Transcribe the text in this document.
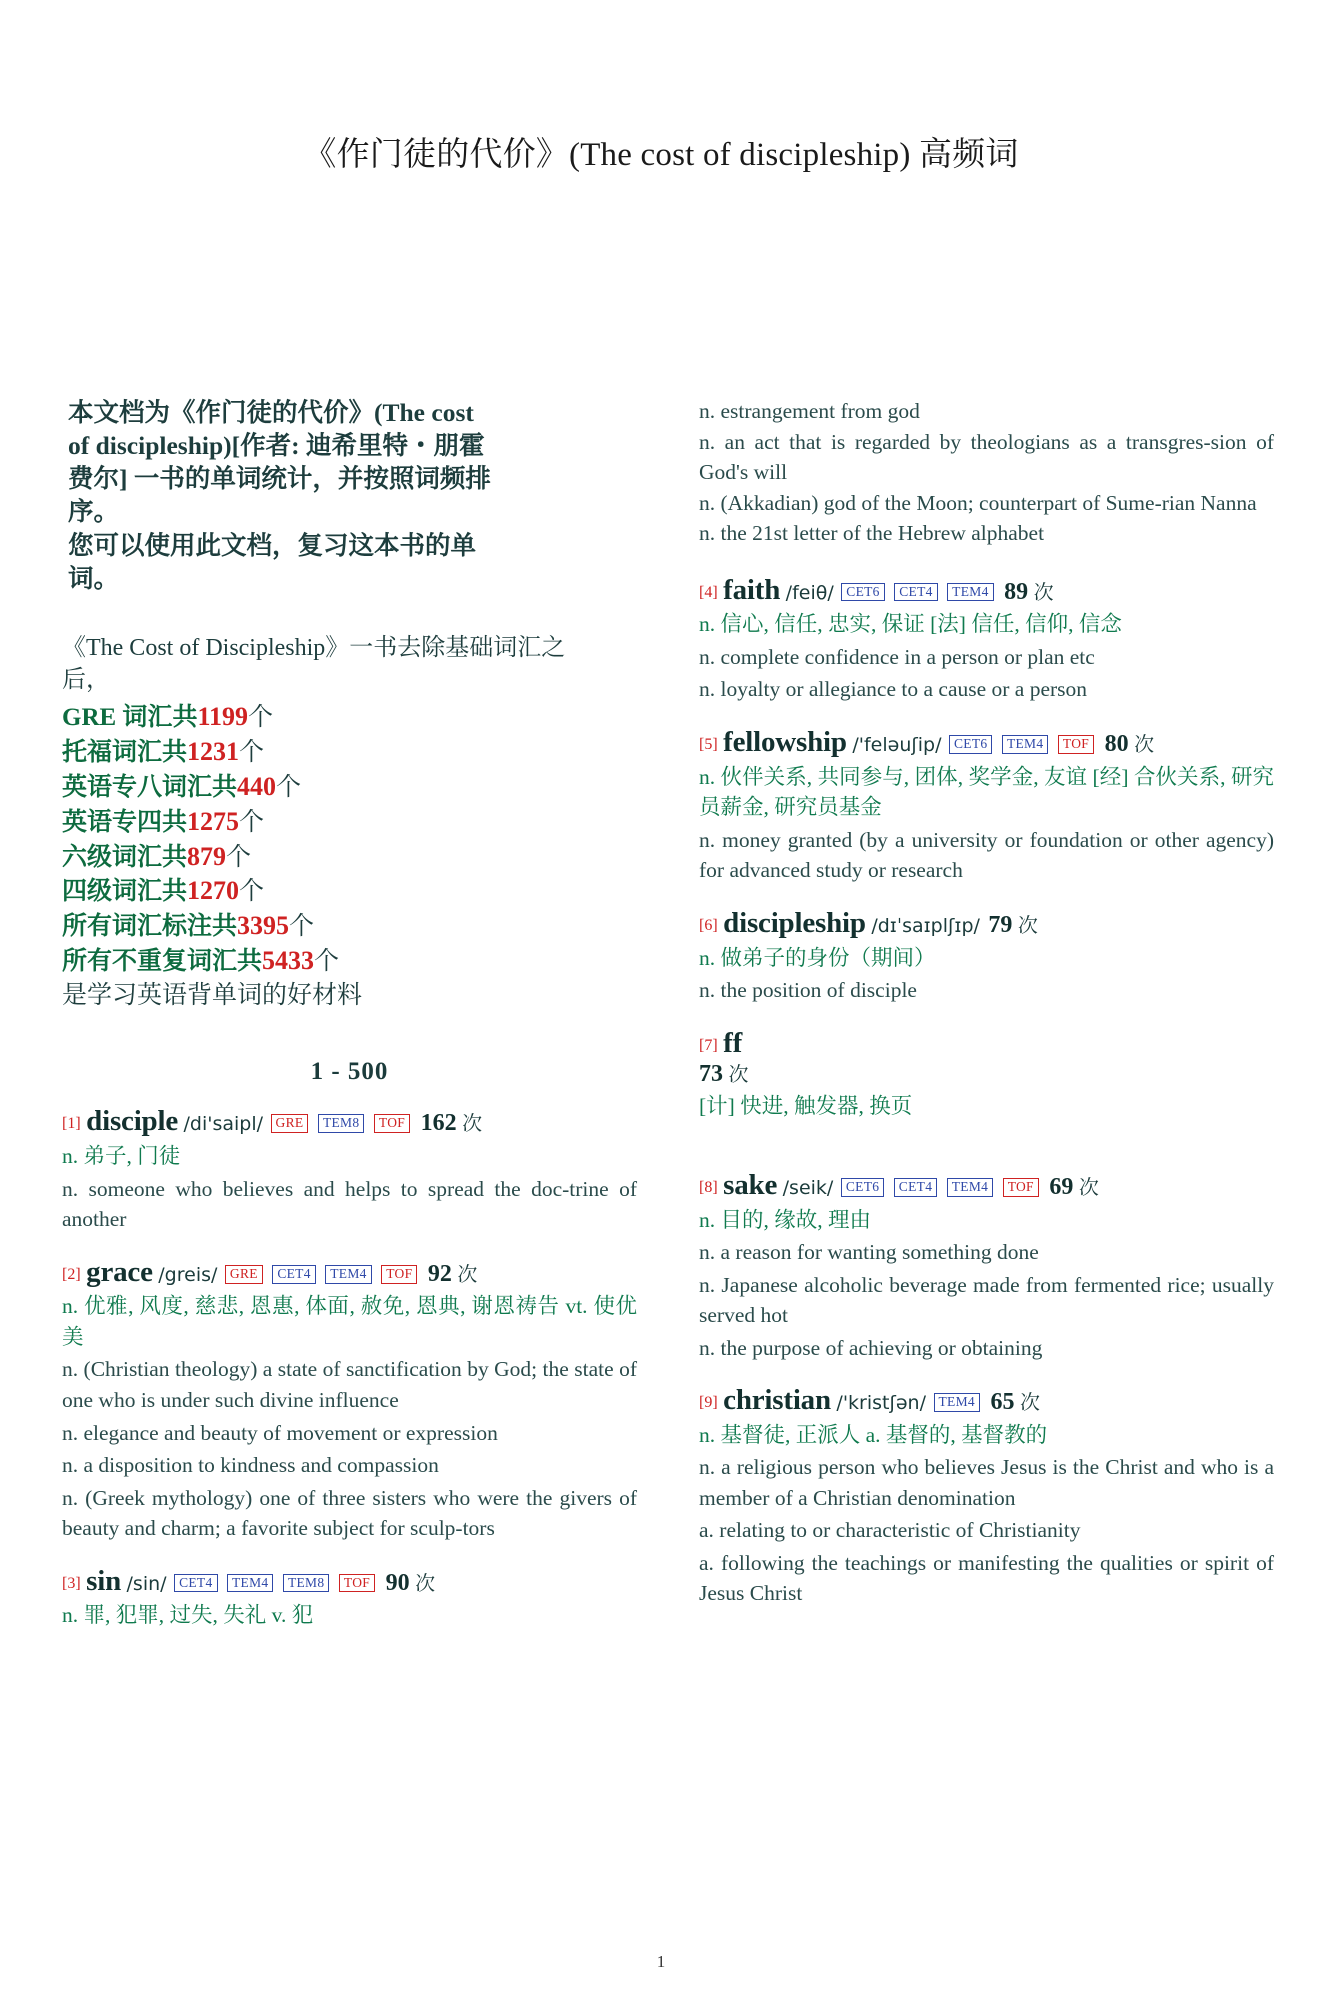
《作门徒的代价》(The cost of discipleship) 高频词

本文档为《作门徒的代价》(The cost

of discipleship)[作者: 迪希里特・朋霍

费尔] 一书的单词统计，并按照词频排

序。

您可以使用此文档，复习这本书的单

词。

《The Cost of Discipleship》一书去除基础词汇之
后，
GRE 词汇共1199个
托福词汇共1231个
英语专八词汇共440个
英语专四共1275个
六级词汇共879个
四级词汇共1270个
所有词汇标注共3395个
所有不重复词汇共5433个
是学习英语背单词的好材料
1 - 500
[1] disciple /di'saipl/ GRE TEM8 TOF 162 次
n. 弟子, 门徒
n. someone who believes and helps to spread the doc-trine of another
[2] grace /greis/ GRE CET4 TEM4 TOF 92 次
n. 优雅, 风度, 慈悲, 恩惠, 体面, 赦免, 恩典, 谢恩祷告 vt. 使优美
n. (Christian theology) a state of sanctification by God; the state of one who is under such divine influence
n. elegance and beauty of movement or expression
n. a disposition to kindness and compassion
n. (Greek mythology) one of three sisters who were the givers of beauty and charm; a favorite subject for sculp-tors
[3] sin /sin/ CET4 TEM4 TEM8 TOF 90 次
n. 罪, 犯罪, 过失, 失礼 v. 犯
n. estrangement from god
n. an act that is regarded by theologians as a transgres-sion of God's will
n. (Akkadian) god of the Moon; counterpart of Sume-rian Nanna
n. the 21st letter of the Hebrew alphabet
[4] faith /feiθ/ CET6 CET4 TEM4 89 次
n. 信心, 信任, 忠实, 保证 [法] 信任, 信仰, 信念
n. complete confidence in a person or plan etc
n. loyalty or allegiance to a cause or a person
[5] fellowship /'feləuʃip/ CET6 TEM4 TOF 80 次
n. 伙伴关系, 共同参与, 团体, 奖学金, 友谊 [经] 合伙关系, 研究员薪金, 研究员基金
n. money granted (by a university or foundation or other agency) for advanced study or research
[6] discipleship /dɪˈsaɪplʃɪp/ 79 次
n. 做弟子的身份（期间）
n. the position of disciple
[7] ff
73 次
[计] 快进, 触发器, 换页
[8] sake /seik/ CET6 CET4 TEM4 TOF 69 次
n. 目的, 缘故, 理由
n. a reason for wanting something done
n. Japanese alcoholic beverage made from fermented rice; usually served hot
n. the purpose of achieving or obtaining
[9] christian /'kristʃən/ TEM4 65 次
n. 基督徒, 正派人 a. 基督的, 基督教的
n. a religious person who believes Jesus is the Christ and who is a member of a Christian denomination
a. relating to or characteristic of Christianity
a. following the teachings or manifesting the qualities or spirit of Jesus Christ
1
